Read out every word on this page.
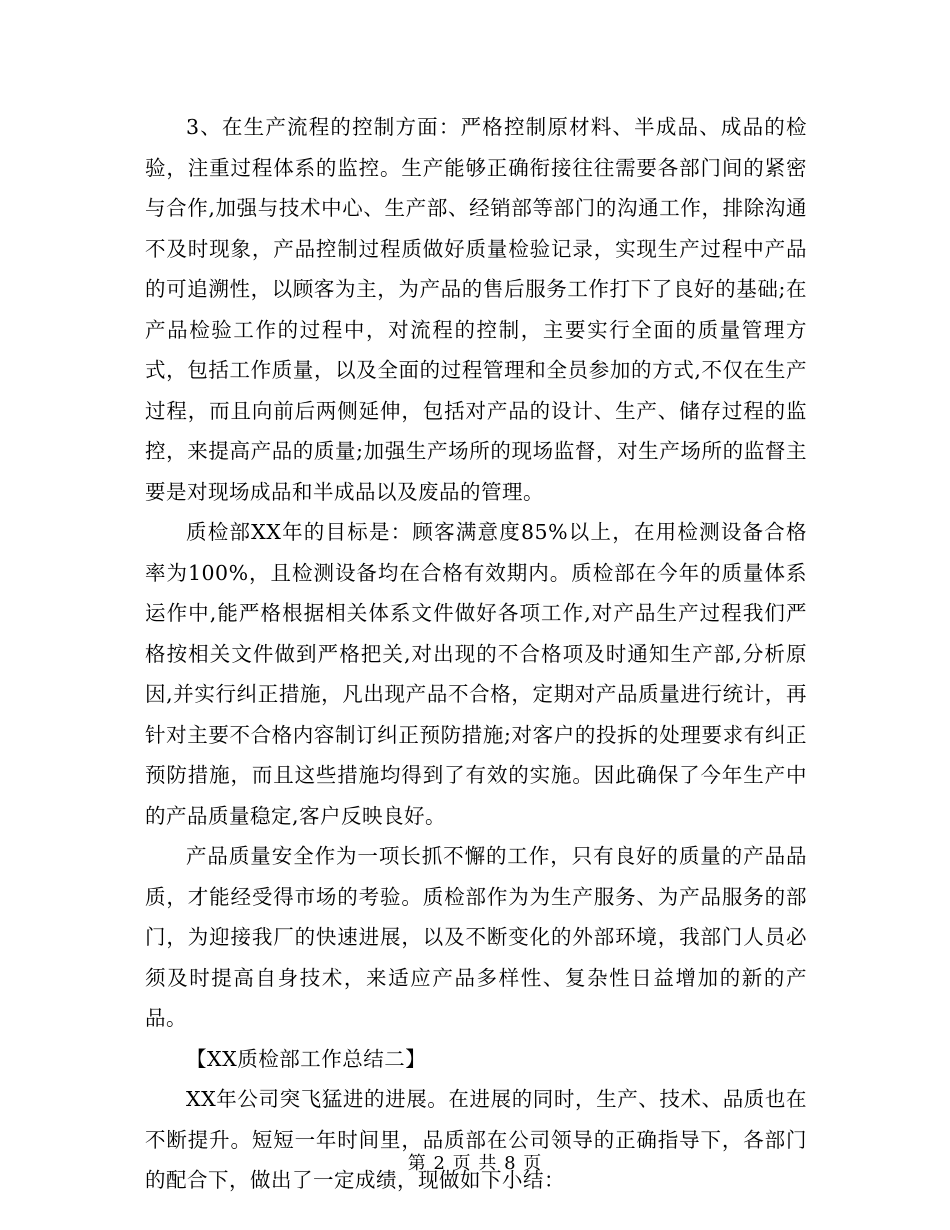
3、在生产流程的控制方面：严格控制原材料、半成品、成品的检验，注重过程体系的监控。生产能够正确衔接往往需要各部门间的紧密与合作,加强与技术中心、生产部、经销部等部门的沟通工作，排除沟通不及时现象，产品控制过程质做好质量检验记录，实现生产过程中产品的可追溯性，以顾客为主，为产品的售后服务工作打下了良好的基础;在产品检验工作的过程中，对流程的控制，主要实行全面的质量管理方式，包括工作质量，以及全面的过程管理和全员参加的方式,不仅在生产过程，而且向前后两侧延伸，包括对产品的设计、生产、储存过程的监控，来提高产品的质量;加强生产场所的现场监督，对生产场所的监督主要是对现场成品和半成品以及废品的管理。

质检部XX年的目标是：顾客满意度85%以上，在用检测设备合格率为100%，且检测设备均在合格有效期内。质检部在今年的质量体系运作中,能严格根据相关体系文件做好各项工作,对产品生产过程我们严格按相关文件做到严格把关,对出现的不合格项及时通知生产部,分析原因,并实行纠正措施，凡出现产品不合格，定期对产品质量进行统计，再针对主要不合格内容制订纠正预防措施;对客户的投拆的处理要求有纠正预防措施，而且这些措施均得到了有效的实施。因此确保了今年生产中的产品质量稳定,客户反映良好。

产品质量安全作为一项长抓不懈的工作，只有良好的质量的产品品质，才能经受得市场的考验。质检部作为为生产服务、为产品服务的部门，为迎接我厂的快速进展，以及不断变化的外部环境，我部门人员必须及时提高自身技术，来适应产品多样性、复杂性日益增加的新的产品。

【XX质检部工作总结二】

XX年公司突飞猛进的进展。在进展的同时，生产、技术、品质也在不断提升。短短一年时间里，品质部在公司领导的正确指导下，各部门的配合下，做出了一定成绩，现做如下小结：

第 2 页 共 8 页
